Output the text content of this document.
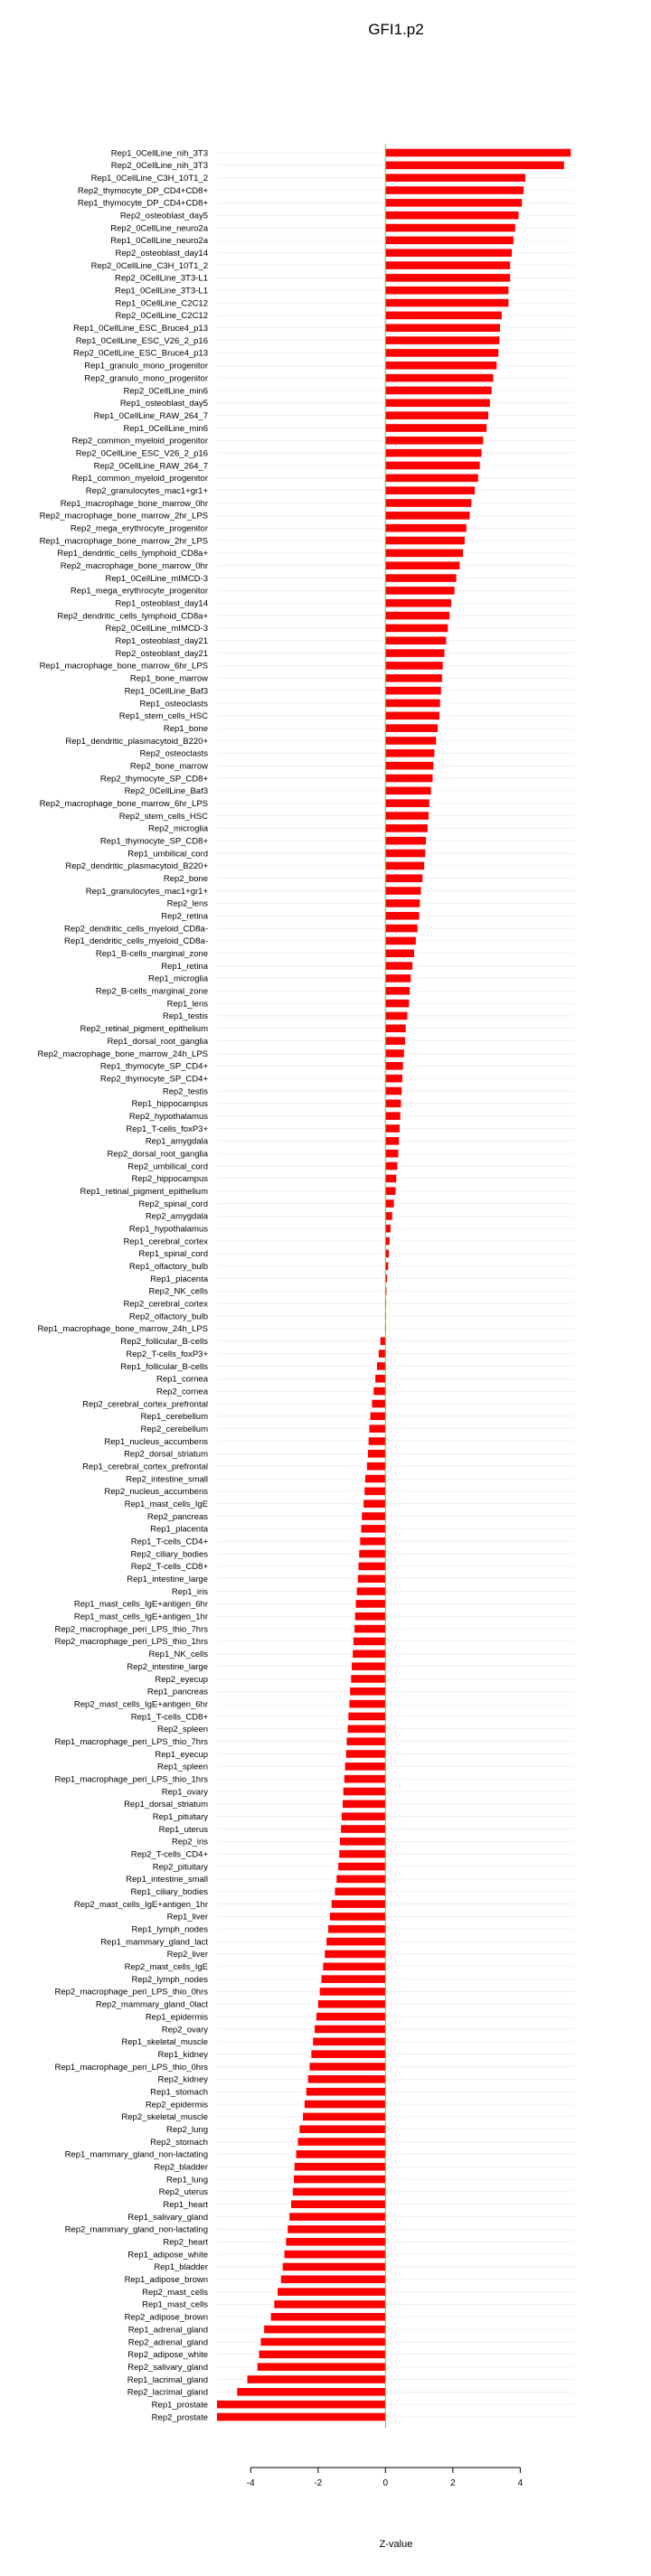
GFI1.p2
Rep1_0CellLine_nih_3T3
Rep2_0CellLine_nih_3T3
Rep1_0CellLine_C3H_10T1_2
Rep2_thymocyte_DP_CD4+CD8+
Rep1_thymocyte_DP_CD4+CD8+
Rep2_osteoblast_day5
Rep2_0CellLine_neuro2a
Rep1_0CellLine_neuro2a
Rep2_osteoblast_day14
Rep2_0CellLine_C3H_10T1_2
Rep2_0CellLine_3T3-L1
Rep1_0CellLine_3T3-L1
Rep1_0CellLine_C2C12
Rep2_0CellLine_C2C12
Rep1_0CellLine_ESC_Bruce4_p13
Rep1_0CellLine_ESC_V26_2_p16
Rep2_0CellLine_ESC_Bruce4_p13
Rep1_granulo_mono_progenitor
Rep2_granulo_mono_progenitor
Rep2_0CellLine_min6
Rep1_osteoblast_day5
Rep1_0CellLine_RAW_264_7
Rep1_0CellLine_min6
Rep2_common_myeloid_progenitor
Rep2_0CellLine_ESC_V26_2_p16
Rep2_0CellLine_RAW_264_7
Rep1_common_myeloid_progenitor
Rep2_granulocytes_mac1+gr1+
Rep1_macrophage_bone_marrow_0hr
Rep2_macrophage_bone_marrow_2hr_LPS
Rep2_mega_erythrocyte_progenitor
Rep1_macrophage_bone_marrow_2hr_LPS
Rep1_dendritic_cells_lymphoid_CD8a+
Rep2_macrophage_bone_marrow_0hr
Rep1_0CellLine_mIMCD-3
Rep1_mega_erythrocyte_progenitor
Rep1_osteoblast_day14
Rep2_dendritic_cells_lymphoid_CD8a+
Rep2_0CellLine_mIMCD-3
Rep1_osteoblast_day21
Rep2_osteoblast_day21
Rep1_macrophage_bone_marrow_6hr_LPS
Rep1_bone_marrow
Rep1_0CellLine_Baf3
Rep1_osteoclasts
Rep1_stem_cells_HSC
Rep1_bone
Rep1_dendritic_plasmacytoid_B220+
Rep2_osteoclasts
Rep2_bone_marrow
Rep2_thymocyte_SP_CD8+
Rep2_0CellLine_Baf3
Rep2_macrophage_bone_marrow_6hr_LPS
Rep2_stem_cells_HSC
Rep2_microglia
Rep1_thymocyte_SP_CD8+
Rep1_umbilical_cord
Rep2_dendritic_plasmacytoid_B220+
Rep2_bone
Rep1_granulocytes_mac1+gr1+
Rep2_lens
Rep2_retina
Rep2_dendritic_cells_myeloid_CD8a-
Rep1_dendritic_cells_myeloid_CD8a-
Rep1_B-cells_marginal_zone
Rep1_retina
Rep1_microglia
Rep2_B-cells_marginal_zone
Rep1_lens
Rep1_testis
Rep2_retinal_pigment_epithelium
Rep1_dorsal_root_ganglia
Rep2_macrophage_bone_marrow_24h_LPS
Rep1_thymocyte_SP_CD4+
Rep2_thymocyte_SP_CD4+
Rep2_testis
Rep1_hippocampus
Rep2_hypothalamus
Rep1_T-cells_foxP3+
Rep1_amygdala
Rep2_dorsal_root_ganglia
Rep2_umbilical_cord
Rep2_hippocampus
Rep1_retinal_pigment_epithelium
Rep2_spinal_cord
Rep2_amygdala
Rep1_hypothalamus
Rep1_cerebral_cortex
Rep1_spinal_cord
Rep1_olfactory_bulb
Rep1_placenta
Rep2_NK_cells
Rep2_cerebral_cortex
Rep2_olfactory_bulb
Rep1_macrophage_bone_marrow_24h_LPS
Rep2_follicular_B-cells
Rep2_T-cells_foxP3+
Rep1_follicular_B-cells
Rep1_cornea
Rep2_cornea
Rep2_cerebral_cortex_prefrontal
Rep1_cerebellum
Rep2_cerebellum
Rep1_nucleus_accumbens
Rep2_dorsal_striatum
Rep1_cerebral_cortex_prefrontal
Rep2_intestine_small
Rep2_nucleus_accumbens
Rep1_mast_cells_IgE
Rep2_pancreas
Rep1_placenta
Rep1_T-cells_CD4+
Rep2_ciliary_bodies
Rep2_T-cells_CD8+
Rep1_intestine_large
Rep1_iris
Rep1_mast_cells_IgE+antigen_6hr
Rep1_mast_cells_IgE+antigen_1hr
Rep2_macrophage_peri_LPS_thio_7hrs
Rep2_macrophage_peri_LPS_thio_1hrs
Rep1_NK_cells
Rep2_intestine_large
Rep2_eyecup
Rep1_pancreas
Rep2_mast_cells_IgE+antigen_6hr
Rep1_T-cells_CD8+
Rep2_spleen
Rep1_macrophage_peri_LPS_thio_7hrs
Rep1_eyecup
Rep1_spleen
Rep1_macrophage_peri_LPS_thio_1hrs
Rep1_ovary
Rep1_dorsal_striatum
Rep1_pituitary
Rep1_uterus
Rep2_iris
Rep2_T-cells_CD4+
Rep2_pituitary
Rep1_intestine_small
Rep1_ciliary_bodies
Rep2_mast_cells_IgE+antigen_1hr
Rep1_liver
Rep1_lymph_nodes
Rep1_mammary_gland_lact
Rep2_liver
Rep2_mast_cells_IgE
Rep2_lymph_nodes
Rep2_macrophage_peri_LPS_thio_0hrs
Rep2_mammary_gland_0lact
Rep1_epidermis
Rep2_ovary
Rep1_skeletal_muscle
Rep1_kidney
Rep1_macrophage_peri_LPS_thio_0hrs
Rep2_kidney
Rep1_stomach
Rep2_epidermis
Rep2_skeletal_muscle
Rep2_lung
Rep2_stomach
Rep1_mammary_gland_non-lactating
Rep2_bladder
Rep1_lung
Rep2_uterus
Rep1_heart
Rep1_salivary_gland
Rep2_mammary_gland_non-lactating
Rep2_heart
Rep1_adipose_white
Rep1_bladder
Rep1_adipose_brown
Rep2_mast_cells
Rep1_mast_cells
Rep2_adipose_brown
Rep1_adrenal_gland
Rep2_adrenal_gland
Rep2_adipose_white
Rep2_salivary_gland
Rep1_lacrimal_gland
Rep2_lacrimal_gland
Rep1_prostate
Rep2_prostate
-4	-2	0	2	4
Z-value
